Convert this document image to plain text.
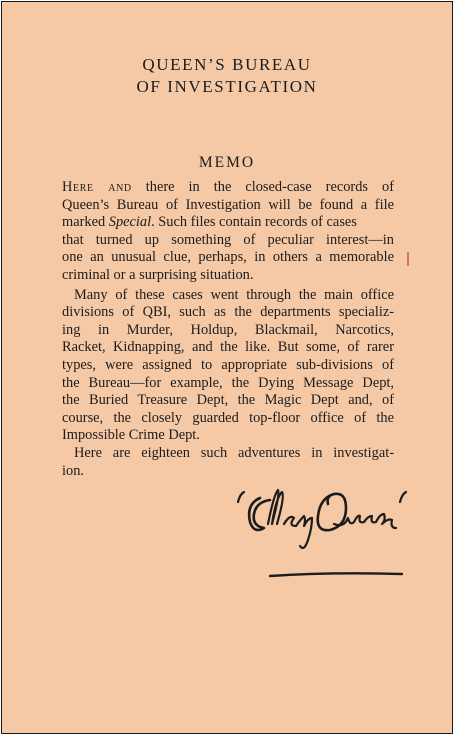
QUEEN’S BUREAU
OF INVESTIGATION
MEMO
Here and there in the closed-case records of
Queen’s Bureau of Investigation will be found a file
marked Special. Such files contain records of cases
that turned up something of peculiar interest—in
one an unusual clue, perhaps, in others a memorable
criminal or a surprising situation.
Many of these cases went through the main office
divisions of QBI, such as the departments specializ-
ing in Murder, Holdup, Blackmail, Narcotics,
Racket, Kidnapping, and the like. But some, of rarer
types, were assigned to appropriate sub-divisions of
the Bureau—for example, the Dying Message Dept,
the Buried Treasure Dept, the Magic Dept and, of
course, the closely guarded top-floor office of the
Impossible Crime Dept.
Here are eighteen such adventures in investigat-
ion.
